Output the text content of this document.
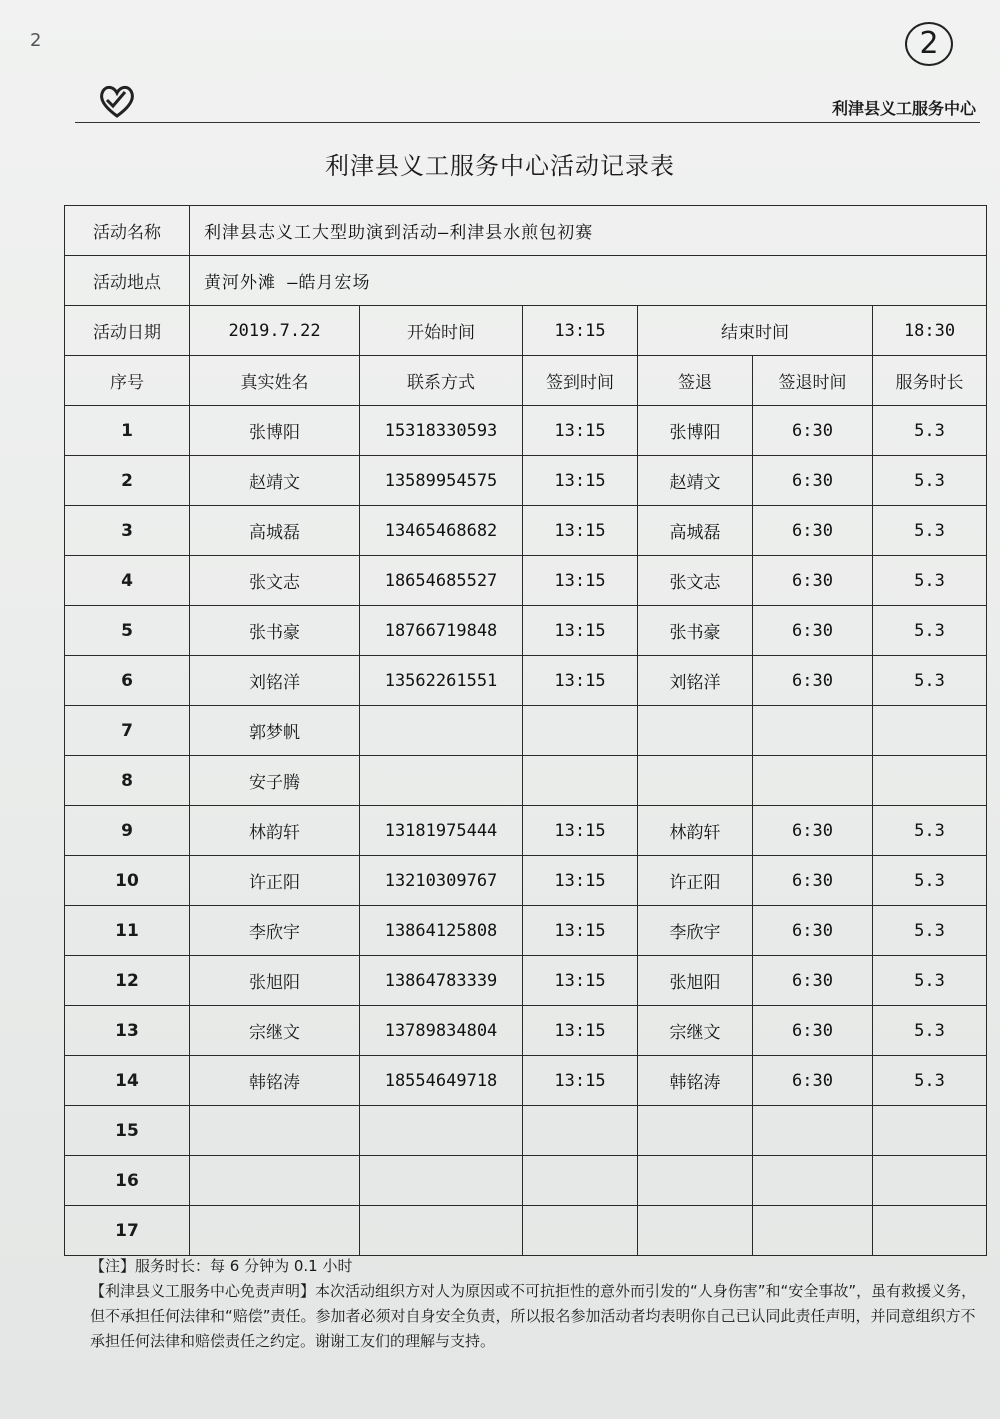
2	2
利津县义工服务中心
利津县义工服务中心活动记录表
活动名称	利津县志义工大型助演到活动—利津县水煎包初赛					
活动地点	黄河外滩 —皓月宏场					
活动日期	2019.7.22	开始时间	13:15	结束时间		18:30
序号	真实姓名	联系方式	签到时间	签退	签退时间	服务时长
1	张博阳	15318330593	13:15	张博阳	6:30	5.3
2	赵靖文	13589954575	13:15	赵靖文	6:30	5.3
3	高城磊	13465468682	13:15	高城磊	6:30	5.3
4	张文志	18654685527	13:15	张文志	6:30	5.3
5	张书豪	18766719848	13:15	张书豪	6:30	5.3
6	刘铭洋	13562261551	13:15	刘铭洋	6:30	5.3
7	郭梦帆					
8	安子腾					
9	林韵轩	13181975444	13:15	林韵轩	6:30	5.3
10	许正阳	13210309767	13:15	许正阳	6:30	5.3
11	李欣宇	13864125808	13:15	李欣宇	6:30	5.3
12	张旭阳	13864783339	13:15	张旭阳	6:30	5.3
13	宗继文	13789834804	13:15	宗继文	6:30	5.3
14	韩铭涛	18554649718	13:15	韩铭涛	6:30	5.3
15						
16						
17						

【注】服务时长：每 6 分钟为 0.1 小时

【利津县义工服务中心免责声明】本次活动组织方对人为原因或不可抗拒性的意外而引发的“人身伤害”和“安全事故”，虽有救援义务，但不承担任何法律和“赔偿”责任。参加者必须对自身安全负责，所以报名参加活动者均表明你自己已认同此责任声明，并同意组织方不承担任何法律和赔偿责任之约定。谢谢工友们的理解与支持。
